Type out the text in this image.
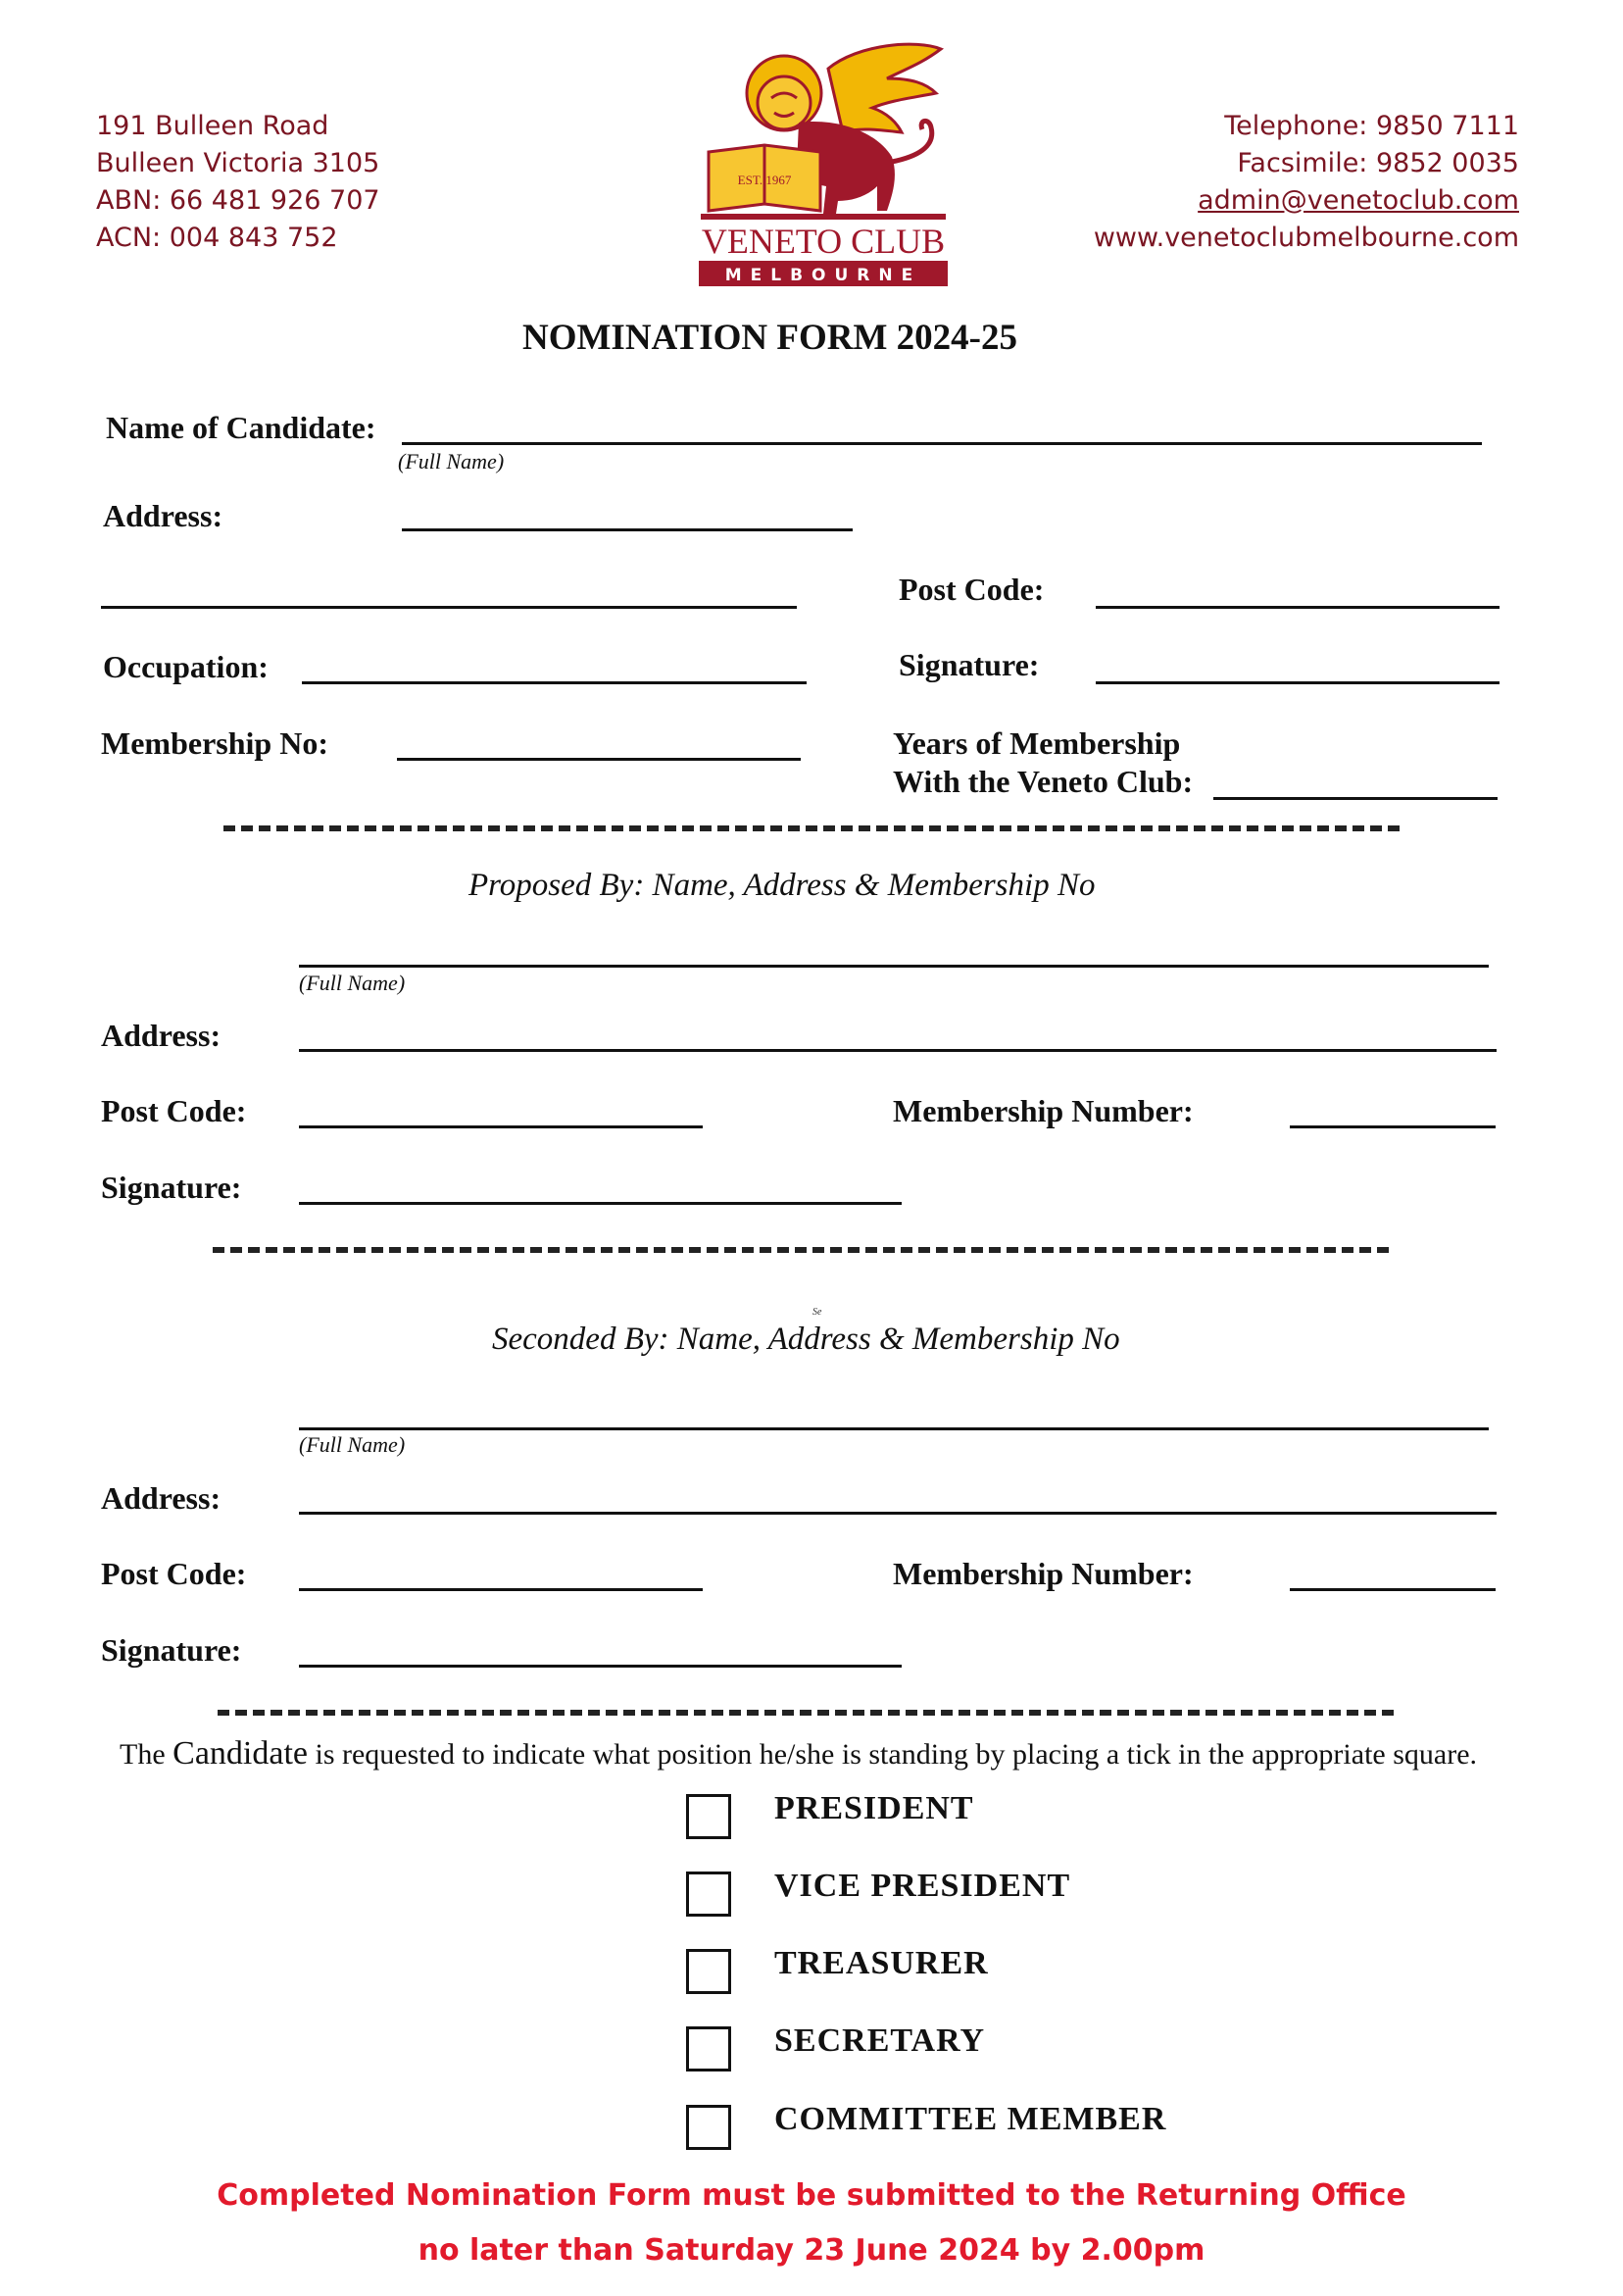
191 Bulleen Road
Bulleen Victoria 3105
ABN: 66 481 926 707
ACN: 004 843 752
Telephone: 9850 7111
Facsimile: 9852 0035
admin@venetoclub.com
www.venetoclubmelbourne.com
VENETO CLUB
MELBOURNE
EST. 1967
NOMINATION FORM 2024-25
Name of Candidate:
(Full Name)
Address:
Post Code:
Occupation:	Signature:
Membership No:	Years of Membership
With the Veneto Club:
Proposed By: Name, Address & Membership No
(Full Name)
Address:
Post Code:	Membership Number:
Signature:
Se
Seconded By: Name, Address & Membership No
(Full Name)
Address:
Post Code:	Membership Number:
Signature:
The Candidate is requested to indicate what position he/she is standing by placing a tick in the appropriate square.
PRESIDENT
VICE PRESIDENT
TREASURER
SECRETARY
COMMITTEE MEMBER
Completed Nomination Form must be submitted to the Returning Office
no later than Saturday 23 June 2024 by 2.00pm
